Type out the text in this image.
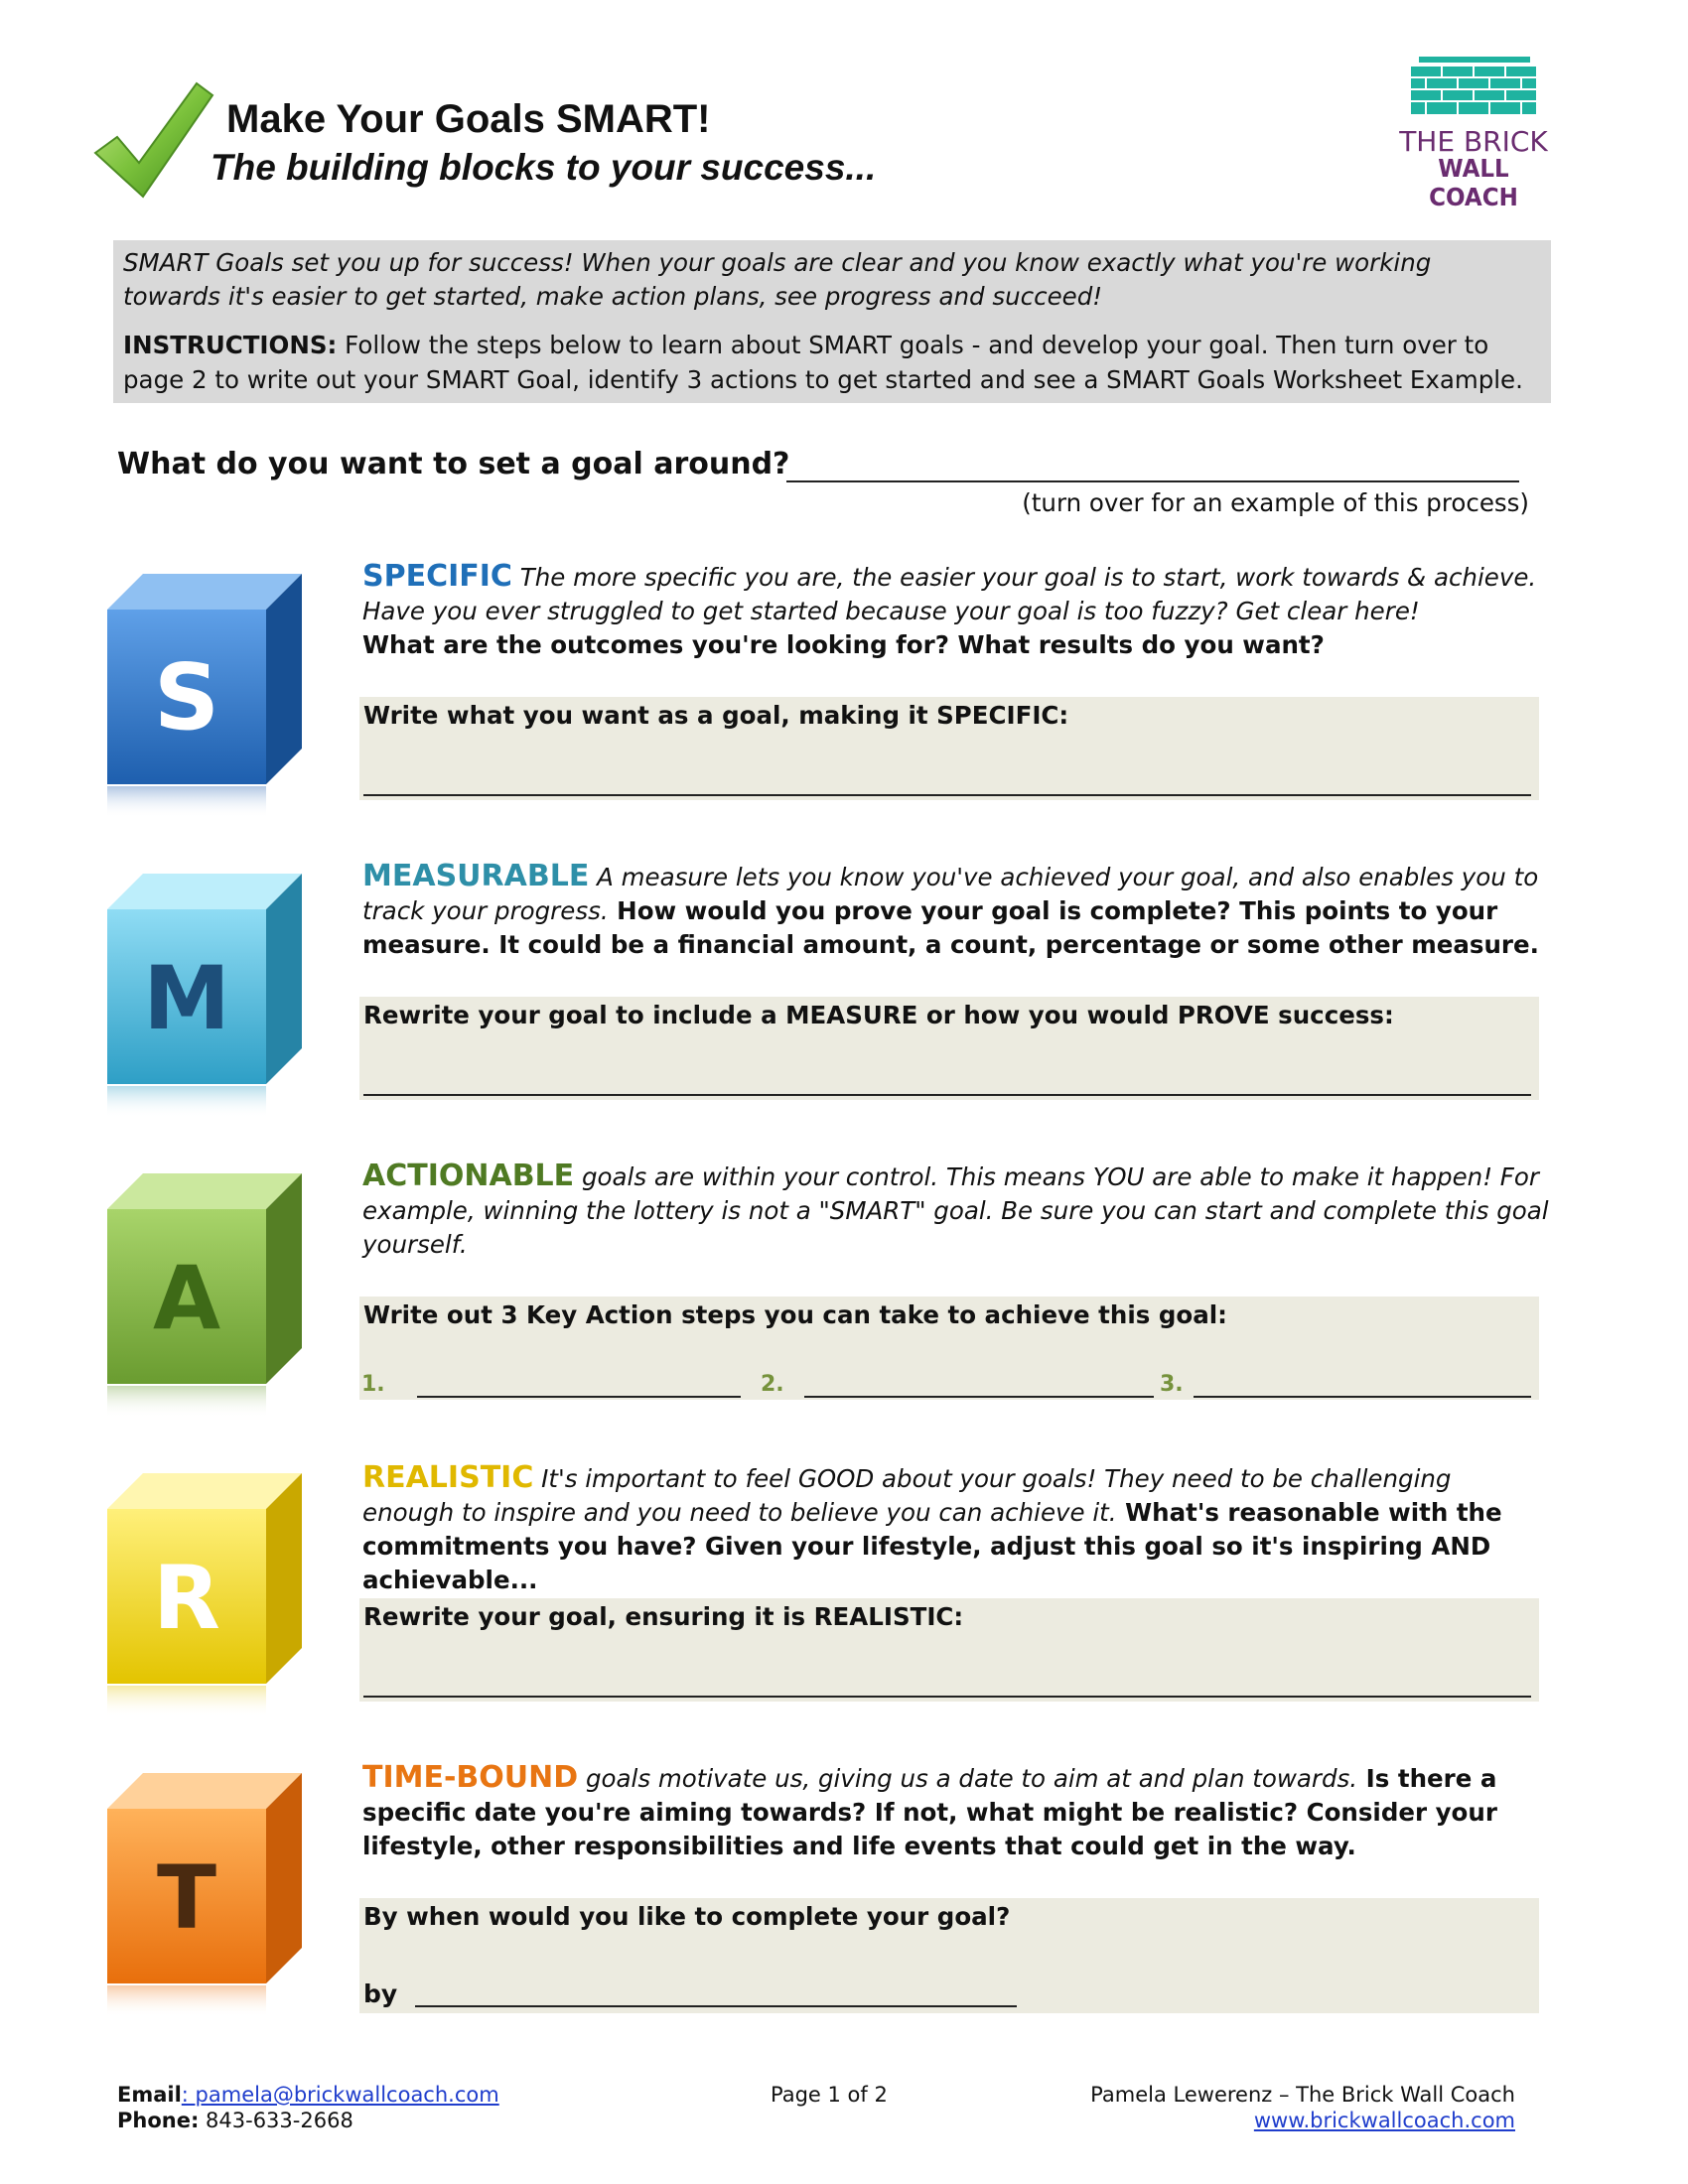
Make Your Goals SMART!
The building blocks to your success...
THE BRICK
WALL COACH
SMART Goals set you up for success! When your goals are clear and you know exactly what you're working towards it's easier to get started, make action plans, see progress and succeed!
INSTRUCTIONS: Follow the steps below to learn about SMART goals - and develop your goal. Then turn over to page 2 to write out your SMART Goal, identify 3 actions to get started and see a SMART Goals Worksheet Example.
What do you want to set a goal around?
(turn over for an example of this process)
S
M
A
R
T
SPECIFIC The more specific you are, the easier your goal is to start, work towards & achieve. Have you ever struggled to get started because your goal is too fuzzy? Get clear here!
What are the outcomes you're looking for? What results do you want?
Write what you want as a goal, making it SPECIFIC:
MEASURABLE A measure lets you know you've achieved your goal, and also enables you to track your progress. How would you prove your goal is complete? This points to your measure. It could be a financial amount, a count, percentage or some other measure.
Rewrite your goal to include a MEASURE or how you would PROVE success:
ACTIONABLE goals are within your control. This means YOU are able to make it happen! For example, winning the lottery is not a "SMART" goal. Be sure you can start and complete this goal yourself.
Write out 3 Key Action steps you can take to achieve this goal:
1.	2.	3.
REALISTIC It's important to feel GOOD about your goals! They need to be challenging enough to inspire and you need to believe you can achieve it. What's reasonable with the commitments you have? Given your lifestyle, adjust this goal so it's inspiring AND achievable...
Rewrite your goal, ensuring it is REALISTIC:
TIME-BOUND goals motivate us, giving us a date to aim at and plan towards. Is there a specific date you're aiming towards? If not, what might be realistic? Consider your lifestyle, other responsibilities and life events that could get in the way.
By when would you like to complete your goal?
by
Email: pamela@brickwallcoach.com
Phone: 843-633-2668
Page 1 of 2	Pamela Lewerenz – The Brick Wall Coach
www.brickwallcoach.com
